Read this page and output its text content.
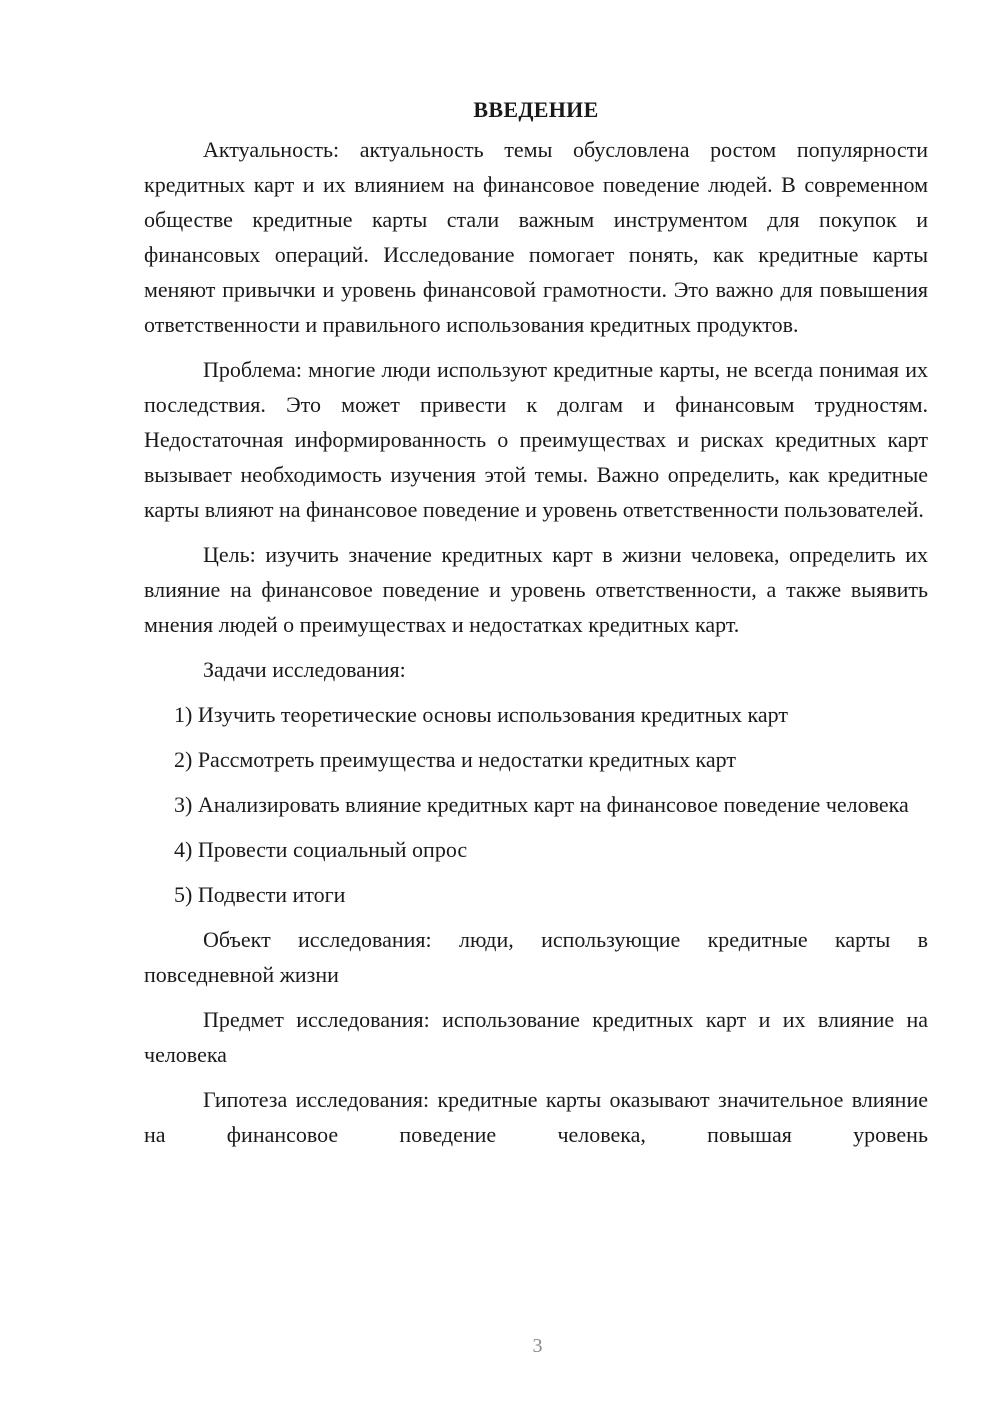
ВВЕДЕНИЕ

Актуальность: актуальность темы обусловлена ростом популярности кредитных карт и их влиянием на финансовое поведение людей. В современном обществе кредитные карты стали важным инструментом для покупок и финансовых операций. Исследование помогает понять, как кредитные карты меняют привычки и уровень финансовой грамотности. Это важно для повышения ответственности и правильного использования кредитных продуктов.

Проблема: многие люди используют кредитные карты, не всегда понимая их последствия. Это может привести к долгам и финансовым трудностям. Недостаточная информированность о преимуществах и рисках кредитных карт вызывает необходимость изучения этой темы. Важно определить, как кредитные карты влияют на финансовое поведение и уровень ответственности пользователей.

Цель: изучить значение кредитных карт в жизни человека, определить их влияние на финансовое поведение и уровень ответственности, а также выявить мнения людей о преимуществах и недостатках кредитных карт.

Задачи исследования:

1) Изучить теоретические основы использования кредитных карт

2) Рассмотреть преимущества и недостатки кредитных карт

3) Анализировать влияние кредитных карт на финансовое поведение человека

4) Провести социальный опрос

5) Подвести итоги

Объект исследования: люди, использующие кредитные карты в повседневной жизни

Предмет исследования: использование кредитных карт и их влияние на человека

Гипотеза исследования: кредитные карты оказывают значительное влияние на финансовое поведение человека, повышая уровень

3
